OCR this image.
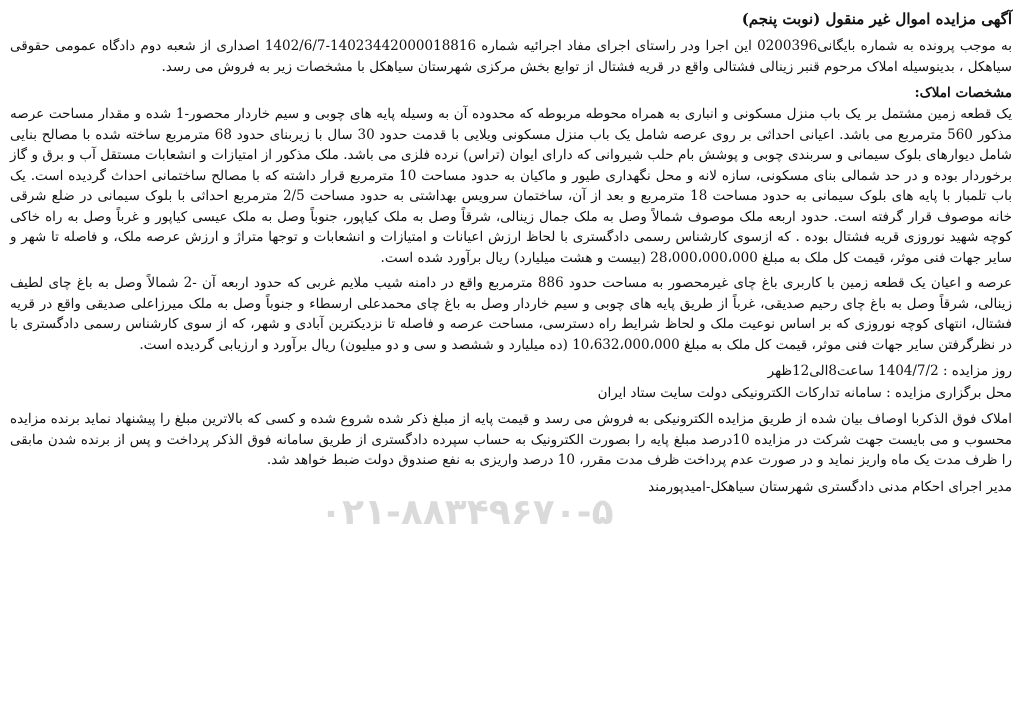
آگهی مزایده اموال غیر منقول (نوبت پنجم)

به موجب پرونده به شماره بایگانی0200396 این اجرا ودر راستای اجرای مفاد اجرائیه شماره 14023442000018816-1402/6/7 اصداری از شعبه دوم دادگاه عمومی حقوقی سیاهکل ، بدینوسیله املاک مرحوم قنبر زینالی فشتالی واقع در قریه فشتال از توابع بخش مرکزی شهرستان سیاهکل با مشخصات زیر به فروش می رسد.

مشخصات املاک:

یک قطعه زمین مشتمل بر یک باب منزل مسکونی و انباری به همراه محوطه مربوطه که محدوده آن به وسیله پایه های چوبی و سیم خاردار محصور-1 شده و مقدار مساحت عرصه مذکور 560 مترمربع می باشد. اعیانی احداثی بر روی عرصه شامل یک باب منزل مسکونی ویلایی با قدمت حدود 30 سال با زیربنای حدود 68 مترمربع ساخته شده با مصالح بنایی شامل دیوارهای بلوک سیمانی و سربندی چوبی و پوشش بام حلب شیروانی که دارای ایوان (تراس) نرده فلزی می باشد. ملک مذکور از امتیازات و انشعابات مستقل آب و برق و گاز برخوردار بوده و در حد شمالی بنای مسکونی، سازه لانه و محل نگهداری طیور و ماکیان به حدود مساحت 10 مترمربع قرار داشته که با مصالح ساختمانی احداث گردیده است. یک باب تلمبار با پایه های بلوک سیمانی به حدود مساحت 18 مترمربع و بعد از آن، ساختمان سرویس بهداشتی به حدود مساحت 2/5 مترمربع احداثی با بلوک سیمانی در ضلع شرقی خانه موصوف قرار گرفته است. حدود اربعه ملک موصوف شمالاً وصل به ملک جمال زینالی، شرقاً وصل به ملک کیاپور، جنوباً وصل به ملک عیسی کیاپور و غرباً وصل به راه خاکی کوچه شهید نوروزی قریه فشتال بوده . که ازسوی کارشناس رسمی دادگستری با لحاظ ارزش اعیانات و امتیازات و انشعابات و توجها متراژ و ارزش عرصه ملک، و فاصله تا شهر و سایر جهات فنی موثر، قیمت کل ملک به مبلغ 28،000،000،000 (بیست و هشت میلیارد) ریال برآورد شده است.

عرصه و اعیان یک قطعه زمین با کاربری باغ چای غیرمحصور به مساحت حدود 886 مترمربع واقع در دامنه شیب ملایم غربی که حدود اربعه آن -2 شمالاً وصل به باغ چای لطیف زینالی، شرقاً وصل به باغ چای رحیم صدیقی، غرباً از طریق پایه های چوبی و سیم خاردار وصل به باغ چای محمدعلی ارسطاء و جنوباً وصل به ملک میرزاعلی صدیقی واقع در قریه فشتال، انتهای کوچه نوروزی که بر اساس نوعیت ملک و لحاظ شرایط راه دسترسی، مساحت عرصه و فاصله تا نزدیکترین آبادی و شهر، که از سوی کارشناس رسمی دادگستری با در نظرگرفتن سایر جهات فنی موثر، قیمت کل ملک به مبلغ 10،632،000،000 (ده میلیارد و ششصد و سی و دو میلیون) ریال برآورد و ارزیابی گردیده است.

روز مزایده : 1404/7/2 ساعت8الی12ظهر

محل برگزاری مزایده : سامانه تدارکات الکترونیکی دولت سایت ستاد ایران

املاک فوق الذکربا اوصاف بیان شده از طریق مزایده الکترونیکی به فروش می رسد و قیمت پایه از مبلغ ذکر شده شروع شده و کسی که بالاترین مبلغ را پیشنهاد نماید برنده مزایده محسوب و می بایست جهت شرکت در مزایده 10درصد مبلغ پایه را بصورت الکترونیک به حساب سپرده دادگستری از طریق سامانه فوق الذکر پرداخت و پس از برنده شدن مابقی را ظرف مدت یک ماه واریز نماید و در صورت عدم پرداخت ظرف مدت مقرر، 10 درصد واریزی به نفع صندوق دولت ضبط خواهد شد.

مدیر اجرای احکام مدنی دادگستری شهرستان سیاهکل-امیدپورمند

۰۲۱-۸۸۳۴۹۶۷۰-۵
